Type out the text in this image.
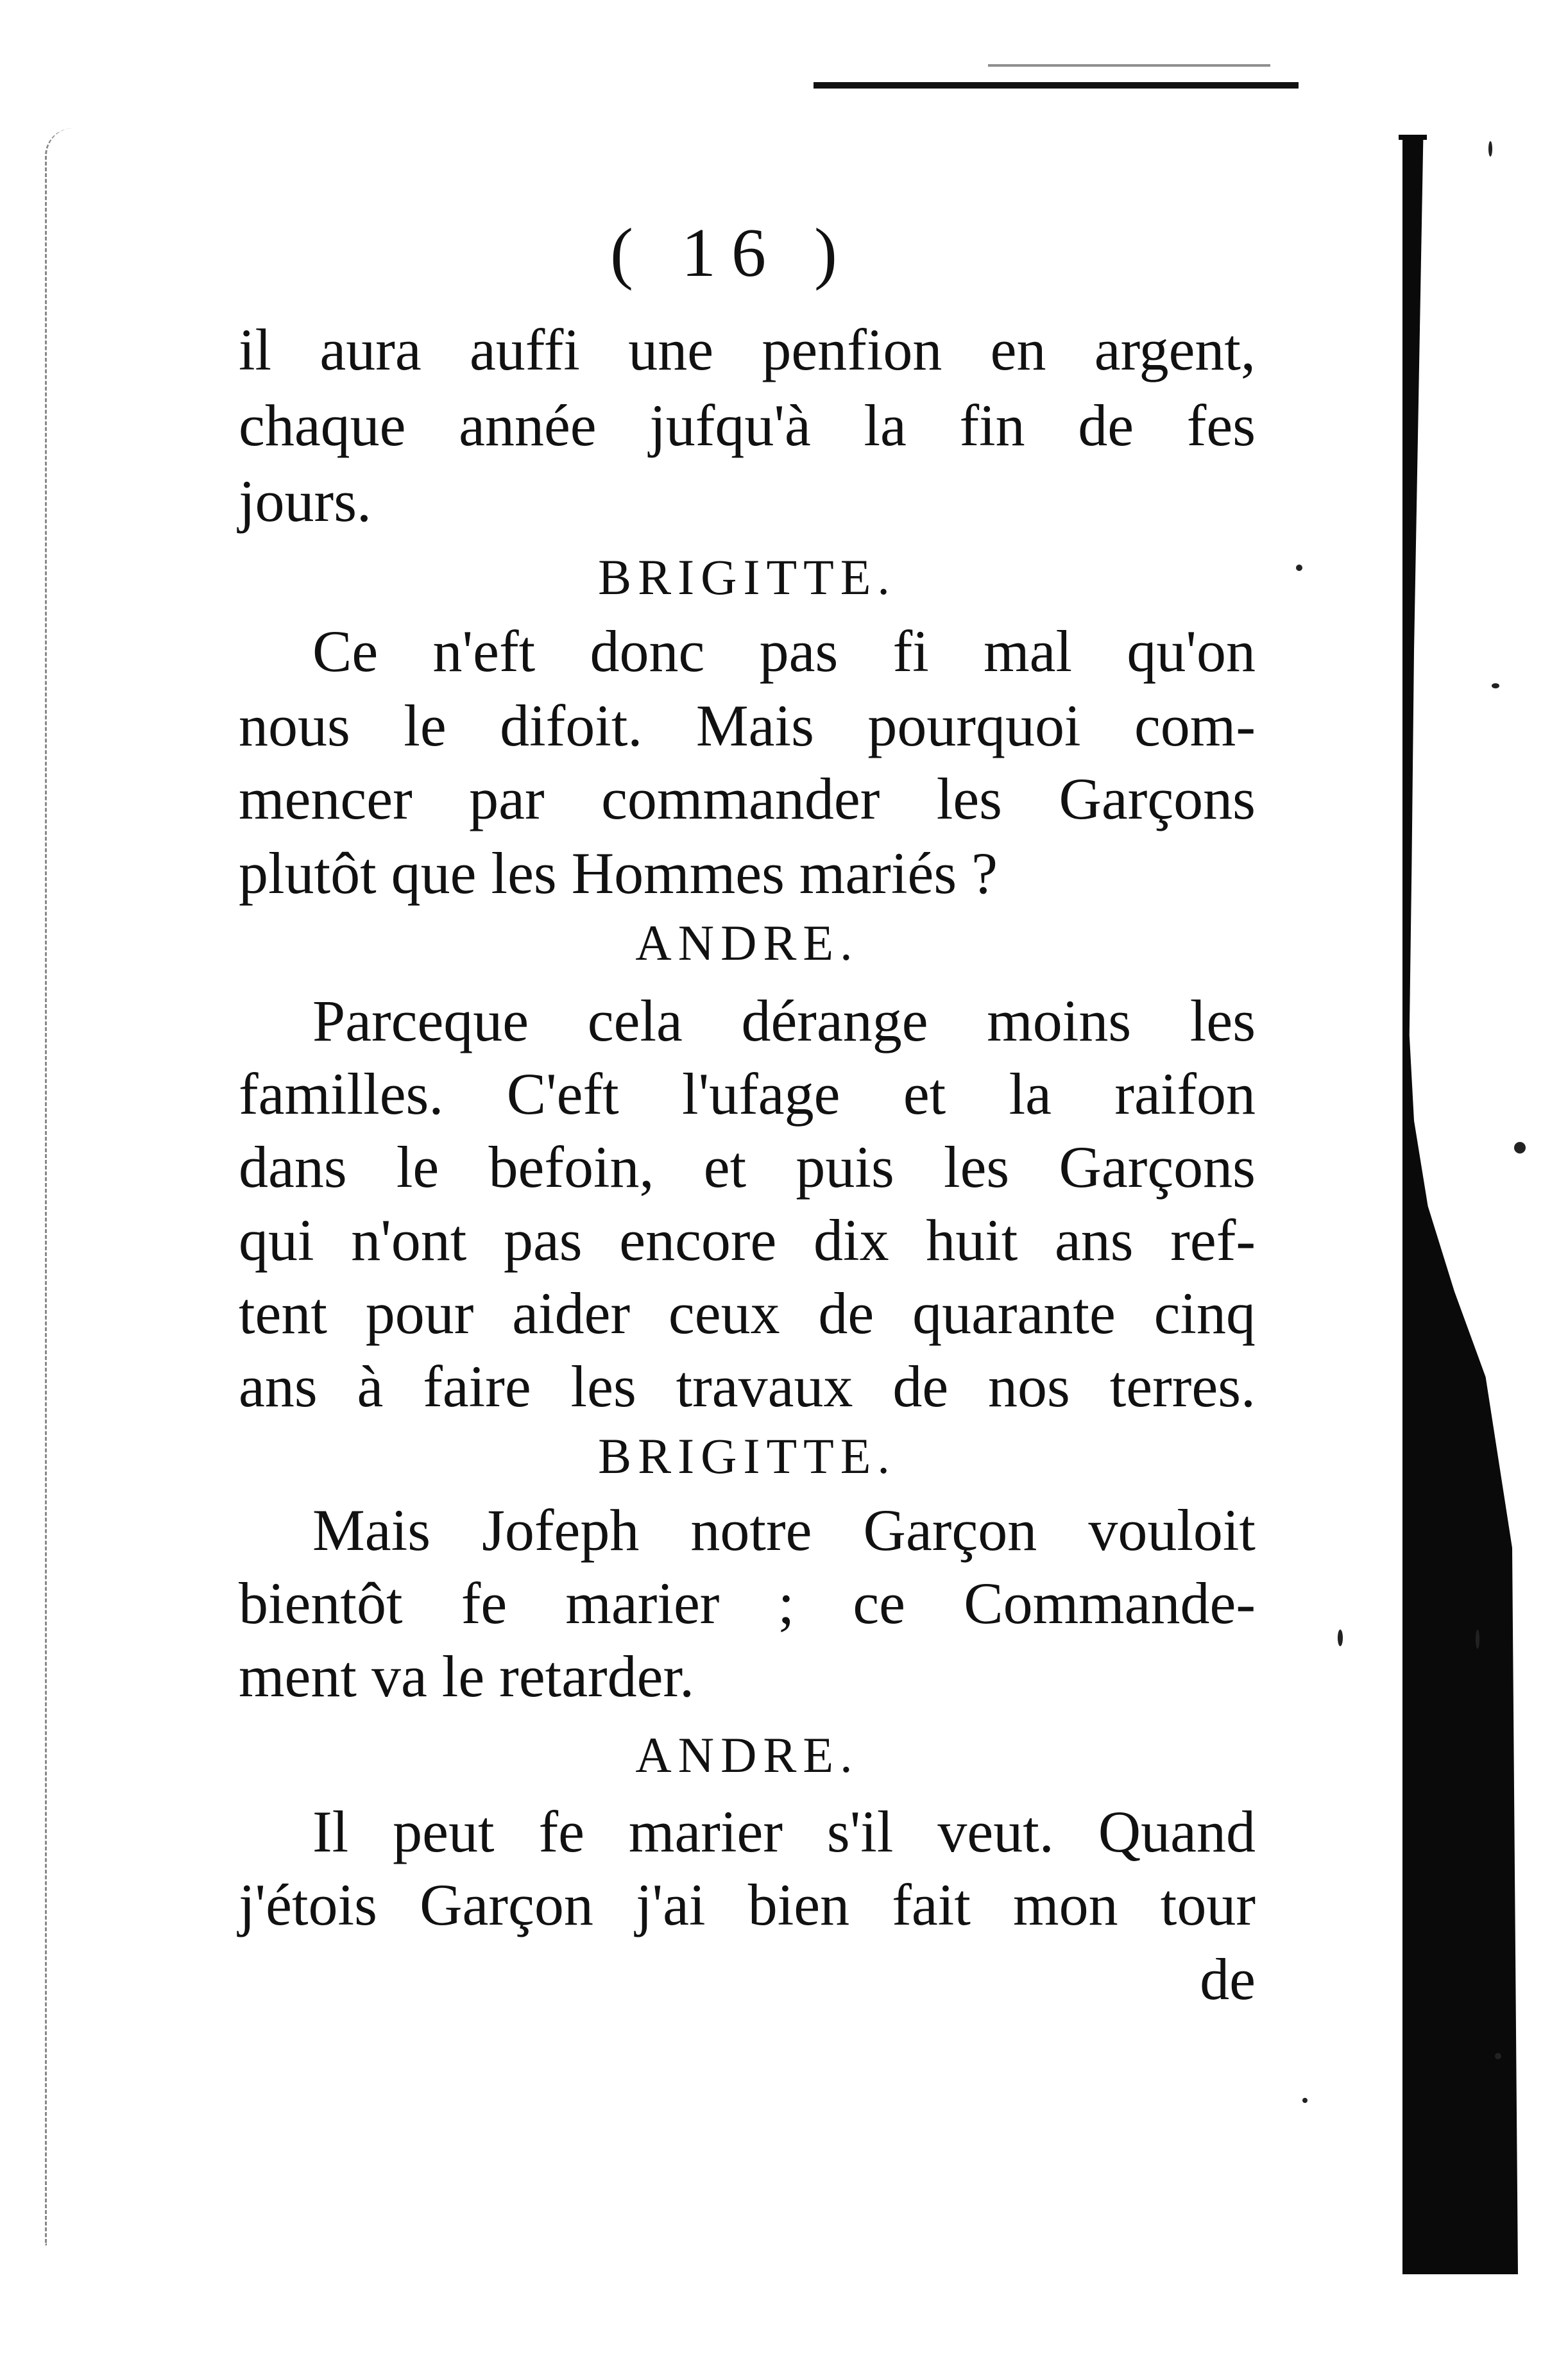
( 16 )
il aura auffi une penfion en argent,
chaque année jufqu'à la fin de fes
jours.
BRIGITTE.
Ce n'eft donc pas fi mal qu'on
nous le difoit. Mais pourquoi com-
mencer par commander les Garçons
plutôt que les Hommes mariés ?
ANDRE.
Parceque cela dérange moins les
familles. C'eft l'ufage et la raifon
dans le befoin, et puis les Garçons
qui n'ont pas encore dix huit ans ref-
tent pour aider ceux de quarante cinq
ans à faire les travaux de nos terres.
BRIGITTE.
Mais Jofeph notre Garçon vouloit
bientôt fe marier ; ce Commande-
ment va le retarder.
ANDRE.
Il peut fe marier s'il veut. Quand
j'étois Garçon j'ai bien fait mon tour
de
